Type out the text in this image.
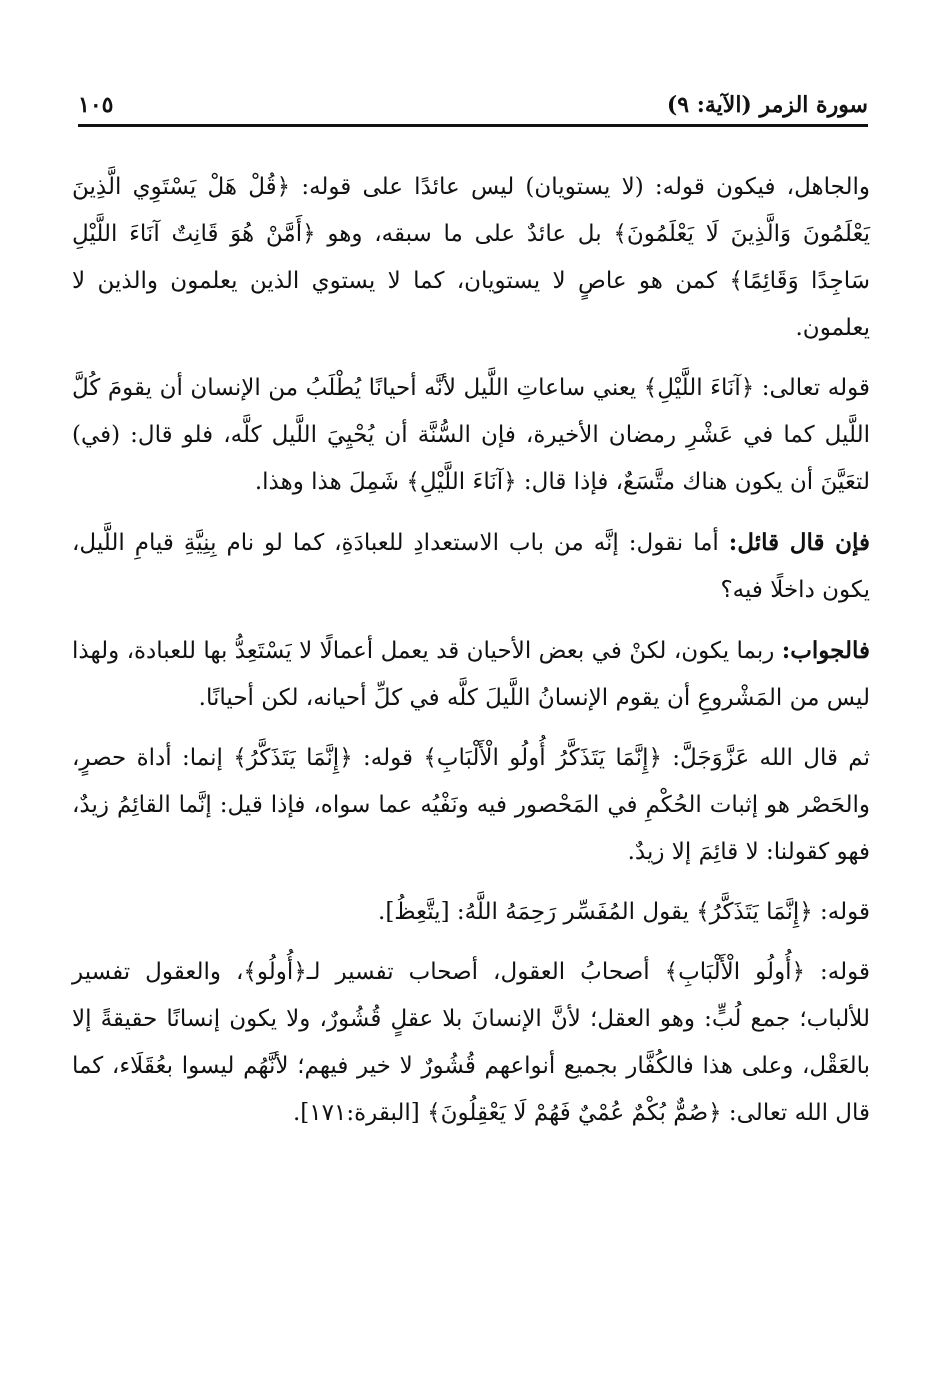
سورة الزمر (الآية: ٩)
١٠٥

والجاهل، فيكون قوله: (لا يستويان) ليس عائدًا على قوله: ﴿قُلْ هَلْ يَسْتَوِي الَّذِينَ يَعْلَمُونَ وَالَّذِينَ لَا يَعْلَمُونَ﴾ بل عائدٌ على ما سبقه، وهو ﴿أَمَّنْ هُوَ قَانِتٌ آنَاءَ اللَّيْلِ سَاجِدًا وَقَائِمًا﴾ كمن هو عاصٍ لا يستويان، كما لا يستوي الذين يعلمون والذين لا يعلمون.

قوله تعالى: ﴿آنَاءَ اللَّيْلِ﴾ يعني ساعاتِ اللَّيل لأنَّه أحيانًا يُطْلَبُ من الإنسان أن يقومَ كُلَّ اللَّيل كما في عَشْرِ رمضان الأخيرة، فإن السُّنَّة أن يُحْيِيَ اللَّيل كلَّه، فلو قال: (في) لتعَيَّنَ أن يكون هناك متَّسَعٌ، فإذا قال: ﴿آنَاءَ اللَّيْلِ﴾ شَمِلَ هذا وهذا.

فإن قال قائل: أما نقول: إنَّه من باب الاستعدادِ للعبادَةِ، كما لو نام بِنِيَّةِ قيامِ اللَّيل، يكون داخلًا فيه؟

فالجواب: ربما يكون، لكنْ في بعض الأحيان قد يعمل أعمالًا لا يَسْتَعِدُّ بها للعبادة، ولهذا ليس من المَشْروعِ أن يقوم الإنسانُ اللَّيلَ كلَّه في كلِّ أحيانه، لكن أحيانًا.

ثم قال الله عَزَّوَجَلَّ: ﴿إِنَّمَا يَتَذَكَّرُ أُولُو الْأَلْبَابِ﴾ قوله: ﴿إِنَّمَا يَتَذَكَّرُ﴾ إنما: أداة حصرٍ، والحَصْر هو إثبات الحُكْمِ في المَحْصور فيه ونَفْيُه عما سواه، فإذا قيل: إنَّما القائِمُ زيدٌ، فهو كقولنا: لا قائِمَ إلا زيدٌ.

قوله: ﴿إِنَّمَا يَتَذَكَّرُ﴾ يقول المُفَسِّر رَحِمَهُ اللَّهُ: [يتَّعِظُ].

قوله: ﴿أُولُو الْأَلْبَابِ﴾ أصحابُ العقول، أصحاب تفسير لـ﴿أُولُو﴾، والعقول تفسير للألباب؛ جمع لُبٍّ: وهو العقل؛ لأنَّ الإنسانَ بلا عقلٍ قُشُورٌ، ولا يكون إنسانًا حقيقةً إلا بالعَقْل، وعلى هذا فالكُفَّار بجميع أنواعهم قُشُورٌ لا خير فيهم؛ لأنَّهُم ليسوا بعُقَلَاء، كما قال الله تعالى: ﴿صُمٌّ بُكْمٌ عُمْيٌ فَهُمْ لَا يَعْقِلُونَ﴾ [البقرة:١٧١].
